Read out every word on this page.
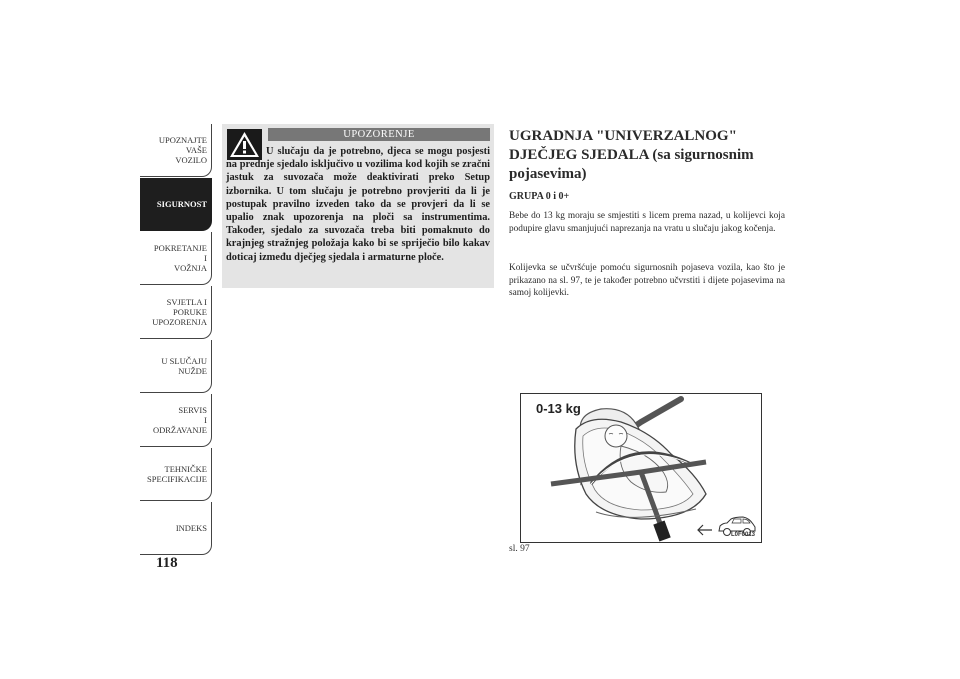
UPOZNAJTE
VAŠE
VOZILO
SIGURNOST
POKRETANJE
I
VOŽNJA
SVJETLA I
PORUKE
UPOZORENJA
U SLUČAJU
NUŽDE
SERVIS
I
ODRŽAVANJE
TEHNIČKE
SPECIFIKACIJE
INDEKS
118
UPOZORENJE

U slučaju da je potrebno, djeca se mogu posjesti na prednje sjedalo isključivo u vozilima kod kojih se zračni jastuk za suvozača može deaktivirati preko Setup izbornika. U tom slučaju je potrebno provjeriti da li je postupak pravilno izveden tako da se provjeri da li se upalio znak upozorenja na ploči sa instrumentima. Također, sjedalo za suvozača treba biti pomaknuto do krajnjeg stražnjeg položaja kako bi se spriječio bilo kakav doticaj između dječjeg sjedala i armaturne ploče.

UGRADNJA "UNIVERZALNOG" DJEČJEG SJEDALA (sa sigurnosnim pojasevima)
GRUPA 0 i 0+

Bebe do 13 kg moraju se smjestiti s licem prema nazad, u kolijevci koja podupire glavu smanjujući naprezanja na vratu u slučaju jakog kočenja.

Kolijevka se učvršćuje pomoću sigurnosnih pojaseva vozila, kao što je prikazano na sl. 97, te je također potrebno učvrstiti i dijete pojasevima na samoj kolijevki.

0-13 kg
L0F0013
sl. 97
